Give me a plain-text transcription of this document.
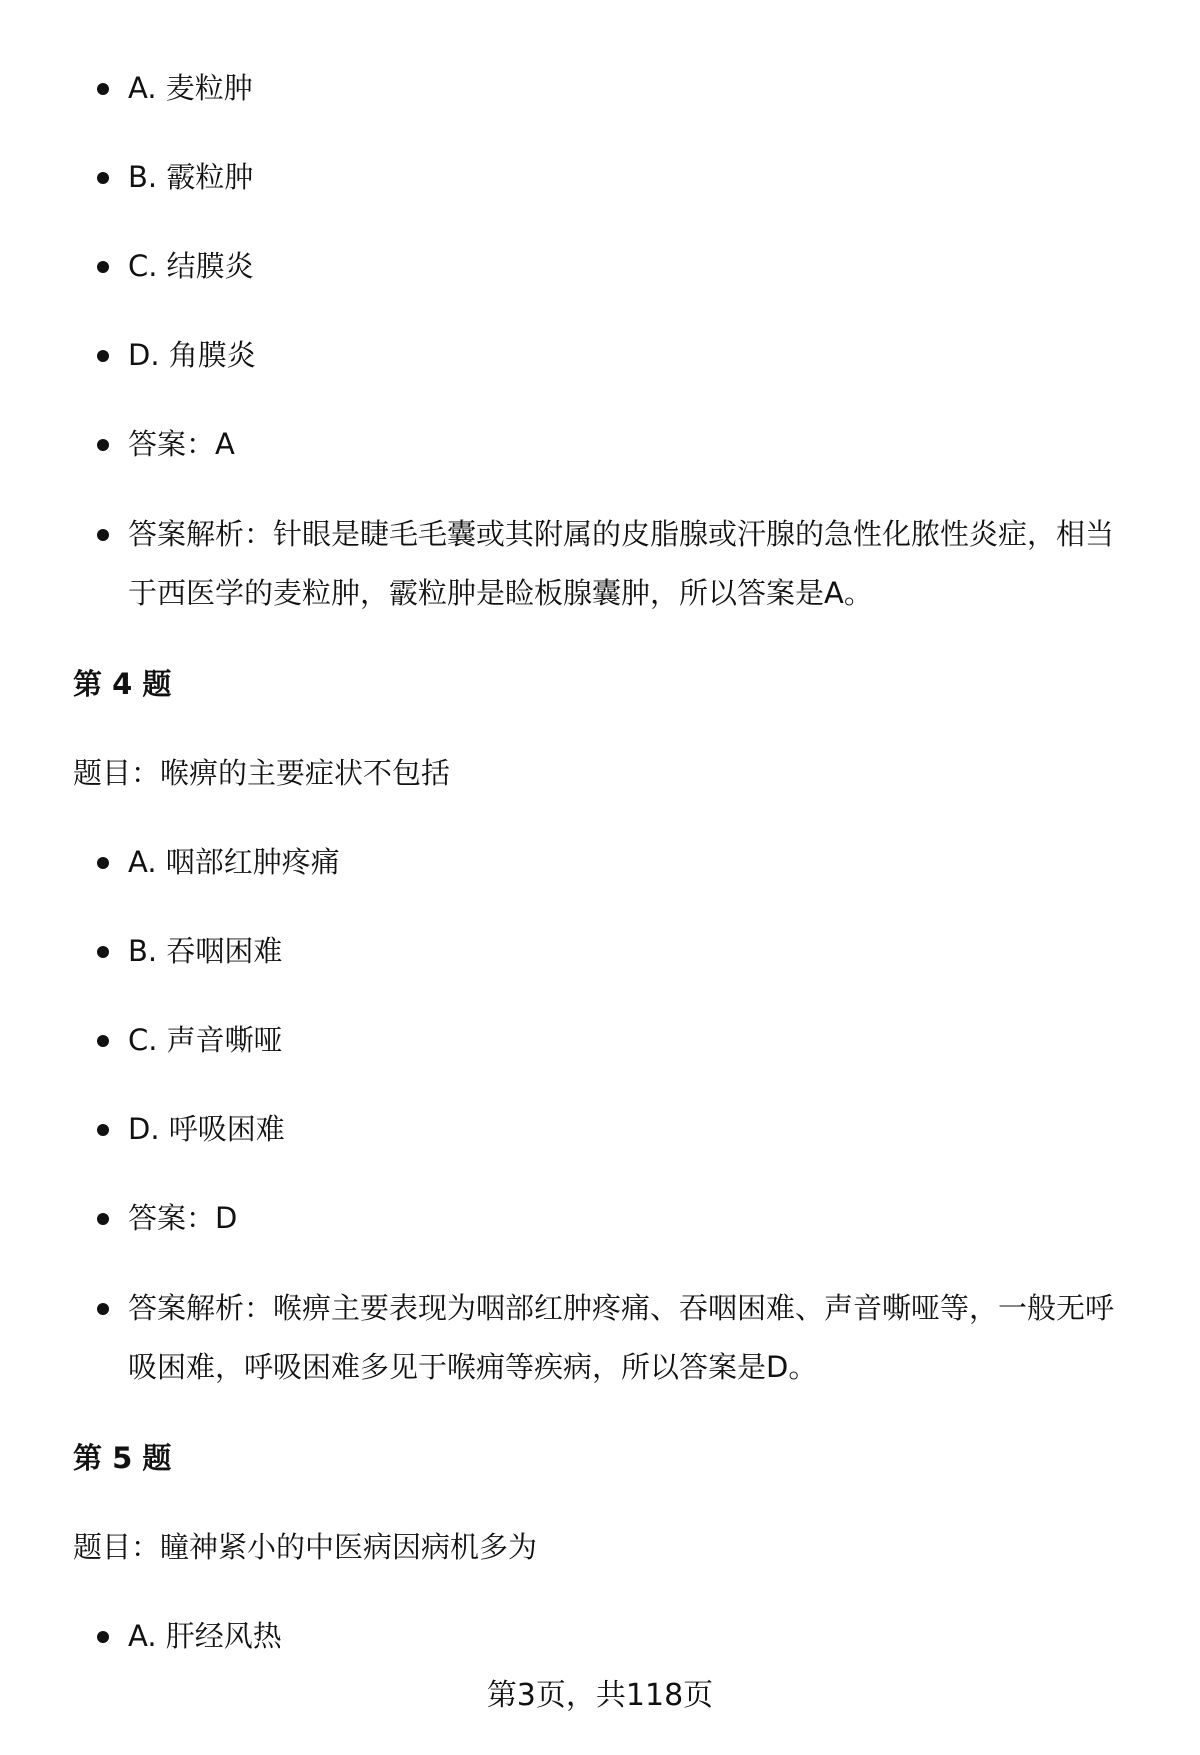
A. 麦粒肿
B. 霰粒肿
C. 结膜炎
D. 角膜炎
答案：A
答案解析：针眼是睫毛毛囊或其附属的皮脂腺或汗腺的急性化脓性炎症，相当于西医学的麦粒肿，霰粒肿是睑板腺囊肿，所以答案是A。
第 4 题
题目：喉痹的主要症状不包括
A. 咽部红肿疼痛
B. 吞咽困难
C. 声音嘶哑
D. 呼吸困难
答案：D
答案解析：喉痹主要表现为咽部红肿疼痛、吞咽困难、声音嘶哑等，一般无呼吸困难，呼吸困难多见于喉痈等疾病，所以答案是D。
第 5 题
题目：瞳神紧小的中医病因病机多为
A. 肝经风热
第3页，共118页
